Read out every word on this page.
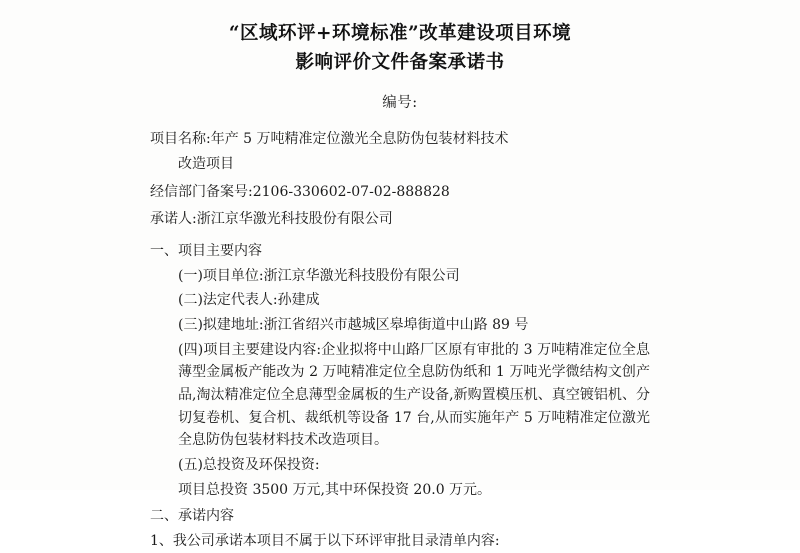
“区域环评+环境标准”改革建设项目环境
影响评价文件备案承诺书
编号:
项目名称:年产 5 万吨精准定位激光全息防伪包装材料技术
改造项目
经信部门备案号:2106-330602-07-02-888828
承诺人:浙江京华激光科技股份有限公司
一、项目主要内容
(一)项目单位:浙江京华激光科技股份有限公司
(二)法定代表人:孙建成
(三)拟建地址:浙江省绍兴市越城区皋埠街道中山路 89 号
(四)项目主要建设内容:企业拟将中山路厂区原有审批的 3 万吨精准定位全息薄型金属板产能改为 2 万吨精准定位全息防伪纸和 1 万吨光学微结构文创产品,淘汰精准定位全息薄型金属板的生产设备,新购置模压机、真空镀铝机、分切复卷机、复合机、裁纸机等设备 17 台,从而实施年产 5 万吨精准定位激光全息防伪包装材料技术改造项目。
(五)总投资及环保投资:
项目总投资 3500 万元,其中环保投资 20.0 万元。
二、承诺内容
1、我公司承诺本项目不属于以下环评审批目录清单内容:
